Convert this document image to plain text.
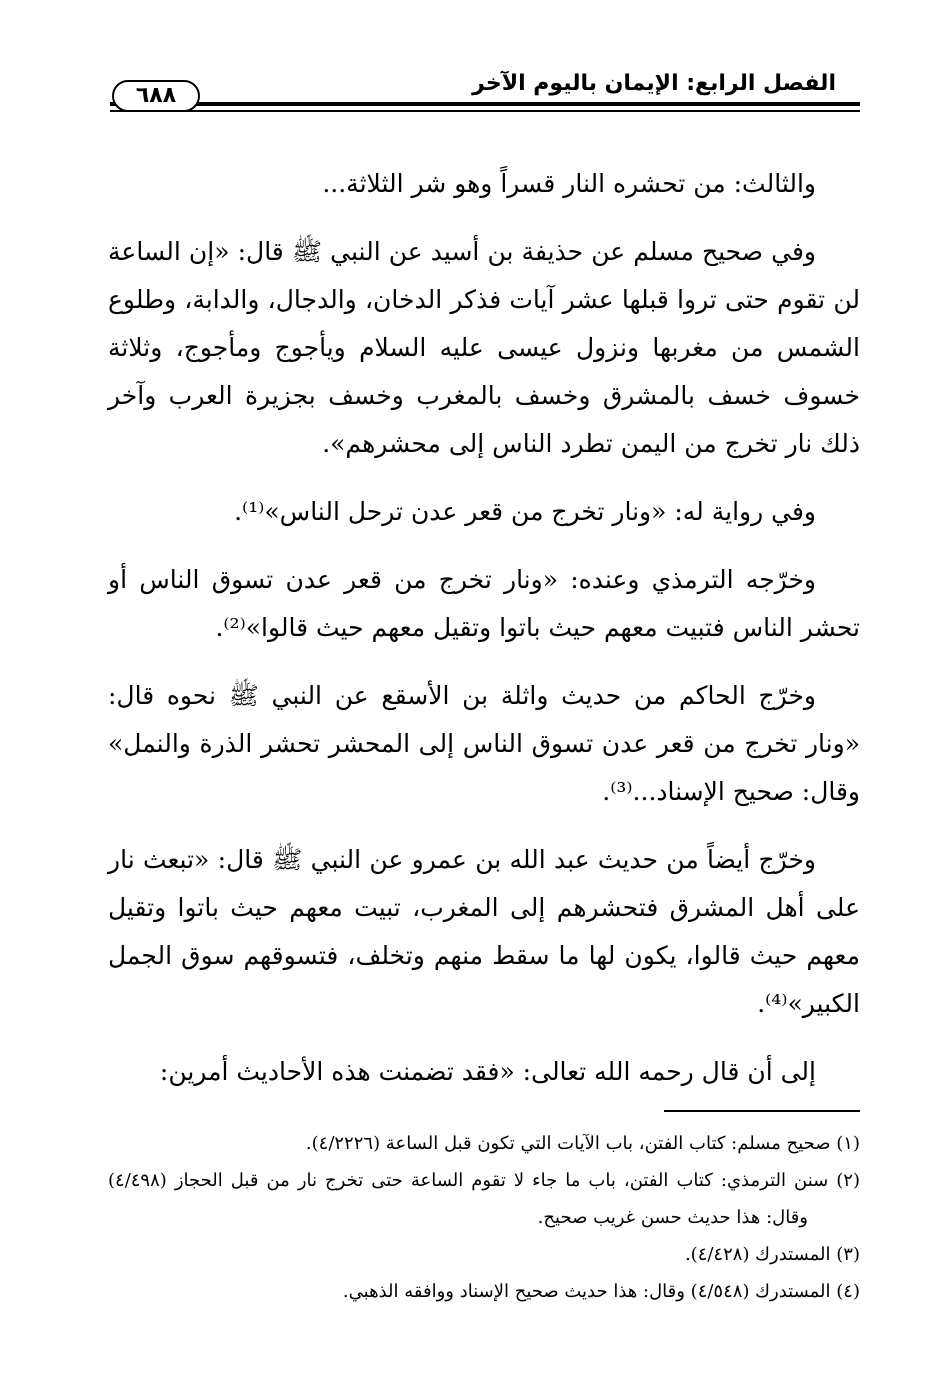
الفصل الرابع: الإيمان باليوم الآخر
٦٨٨

والثالث: من تحشره النار قسراً وهو شر الثلاثة...

وفي صحيح مسلم عن حذيفة بن أسيد عن النبي ﷺ قال: «إن الساعة لن تقوم حتى تروا قبلها عشر آيات فذكر الدخان، والدجال، والدابة، وطلوع الشمس من مغربها ونزول عيسى عليه السلام ويأجوج ومأجوج، وثلاثة خسوف خسف بالمشرق وخسف بالمغرب وخسف بجزيرة العرب وآخر ذلك نار تخرج من اليمن تطرد الناس إلى محشرهم».

وفي رواية له: «ونار تخرج من قعر عدن ترحل الناس»⁽¹⁾.

وخرّجه الترمذي وعنده: «ونار تخرج من قعر عدن تسوق الناس أو تحشر الناس فتبيت معهم حيث باتوا وتقيل معهم حيث قالوا»⁽²⁾.

وخرّج الحاكم من حديث واثلة بن الأسقع عن النبي ﷺ نحوه قال: «ونار تخرج من قعر عدن تسوق الناس إلى المحشر تحشر الذرة والنمل» وقال: صحيح الإسناد...⁽³⁾.

وخرّج أيضاً من حديث عبد الله بن عمرو عن النبي ﷺ قال: «تبعث نار على أهل المشرق فتحشرهم إلى المغرب، تبيت معهم حيث باتوا وتقيل معهم حيث قالوا، يكون لها ما سقط منهم وتخلف، فتسوقهم سوق الجمل الكبير»⁽⁴⁾.

إلى أن قال رحمه الله تعالى: «فقد تضمنت هذه الأحاديث أمرين:

(١) صحيح مسلم: كتاب الفتن، باب الآيات التي تكون قبل الساعة (٤/٢٢٢٦).

(٢) سنن الترمذي: كتاب الفتن، باب ما جاء لا تقوم الساعة حتى تخرج نار من قبل الحجاز (٤/٤٩٨) وقال: هذا حديث حسن غريب صحيح.

(٣) المستدرك (٤/٤٢٨).

(٤) المستدرك (٤/٥٤٨) وقال: هذا حديث صحيح الإسناد ووافقه الذهبي.
